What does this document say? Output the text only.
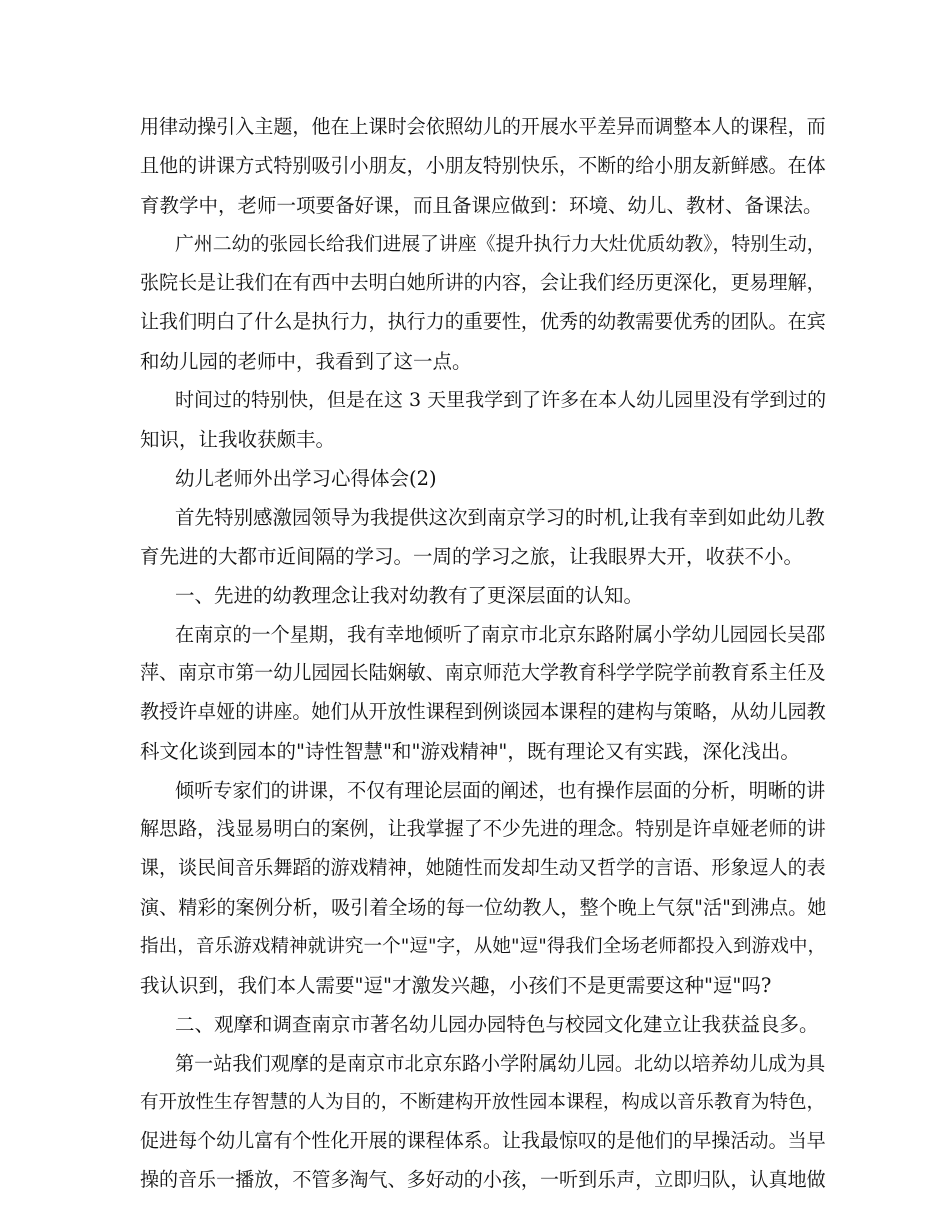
用律动操引入主题，他在上课时会依照幼儿的开展水平差异而调整本人的课程，而
且他的讲课方式特别吸引小朋友，小朋友特别快乐，不断的给小朋友新鲜感。在体
育教学中，老师一项要备好课，而且备课应做到：环境、幼儿、教材、备课法。
广州二幼的张园长给我们进展了讲座《提升执行力大灶优质幼教》，特别生动，
张院长是让我们在有西中去明白她所讲的内容，会让我们经历更深化，更易理解，
让我们明白了什么是执行力，执行力的重要性，优秀的幼教需要优秀的团队。在宾
和幼儿园的老师中，我看到了这一点。
时间过的特别快，但是在这 3 天里我学到了许多在本人幼儿园里没有学到过的
知识，让我收获颇丰。
幼儿老师外出学习心得体会(2)
首先特别感激园领导为我提供这次到南京学习的时机,让我有幸到如此幼儿教
育先进的大都市近间隔的学习。一周的学习之旅，让我眼界大开，收获不小。
一、先进的幼教理念让我对幼教有了更深层面的认知。
在南京的一个星期，我有幸地倾听了南京市北京东路附属小学幼儿园园长吴邵
萍、南京市第一幼儿园园长陆娴敏、南京师范大学教育科学学院学前教育系主任及
教授许卓娅的讲座。她们从开放性课程到例谈园本课程的建构与策略，从幼儿园教
科文化谈到园本的"诗性智慧"和"游戏精神"，既有理论又有实践，深化浅出。
倾听专家们的讲课，不仅有理论层面的阐述，也有操作层面的分析，明晰的讲
解思路，浅显易明白的案例，让我掌握了不少先进的理念。特别是许卓娅老师的讲
课，谈民间音乐舞蹈的游戏精神，她随性而发却生动又哲学的言语、形象逗人的表
演、精彩的案例分析，吸引着全场的每一位幼教人，整个晚上气氛"活"到沸点。她
指出，音乐游戏精神就讲究一个"逗"字，从她"逗"得我们全场老师都投入到游戏中，
我认识到，我们本人需要"逗"才激发兴趣，小孩们不是更需要这种"逗"吗?
二、观摩和调查南京市著名幼儿园办园特色与校园文化建立让我获益良多。
第一站我们观摩的是南京市北京东路小学附属幼儿园。北幼以培养幼儿成为具
有开放性生存智慧的人为目的，不断建构开放性园本课程，构成以音乐教育为特色，
促进每个幼儿富有个性化开展的课程体系。让我最惊叹的是他们的早操活动。当早
操的音乐一播放，不管多淘气、多好动的小孩，一听到乐声，立即归队，认真地做
